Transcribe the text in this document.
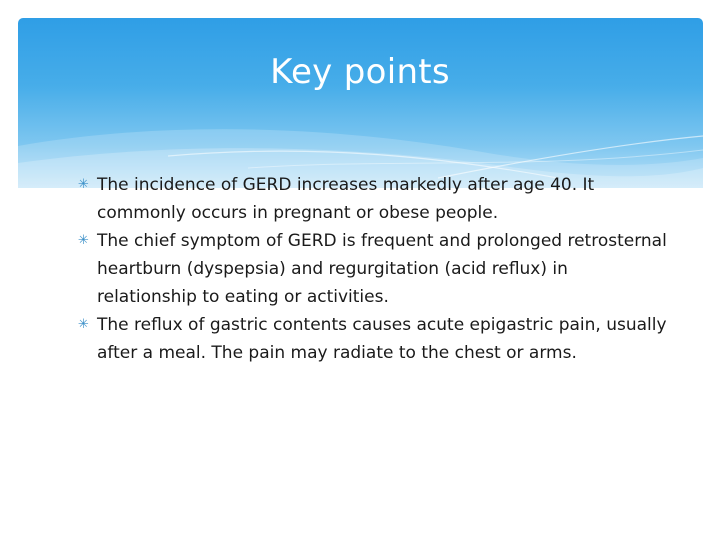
Key points
✳ The incidence of GERD increases markedly after age 40. It commonly occurs in pregnant or obese people.
✳ The chief symptom of GERD is frequent and prolonged retrosternal heartburn (dyspepsia) and regurgitation (acid reflux) in relationship to eating or activities.
✳ The reflux of gastric contents causes acute epigastric pain, usually after a meal. The pain may radiate to the chest or arms.
